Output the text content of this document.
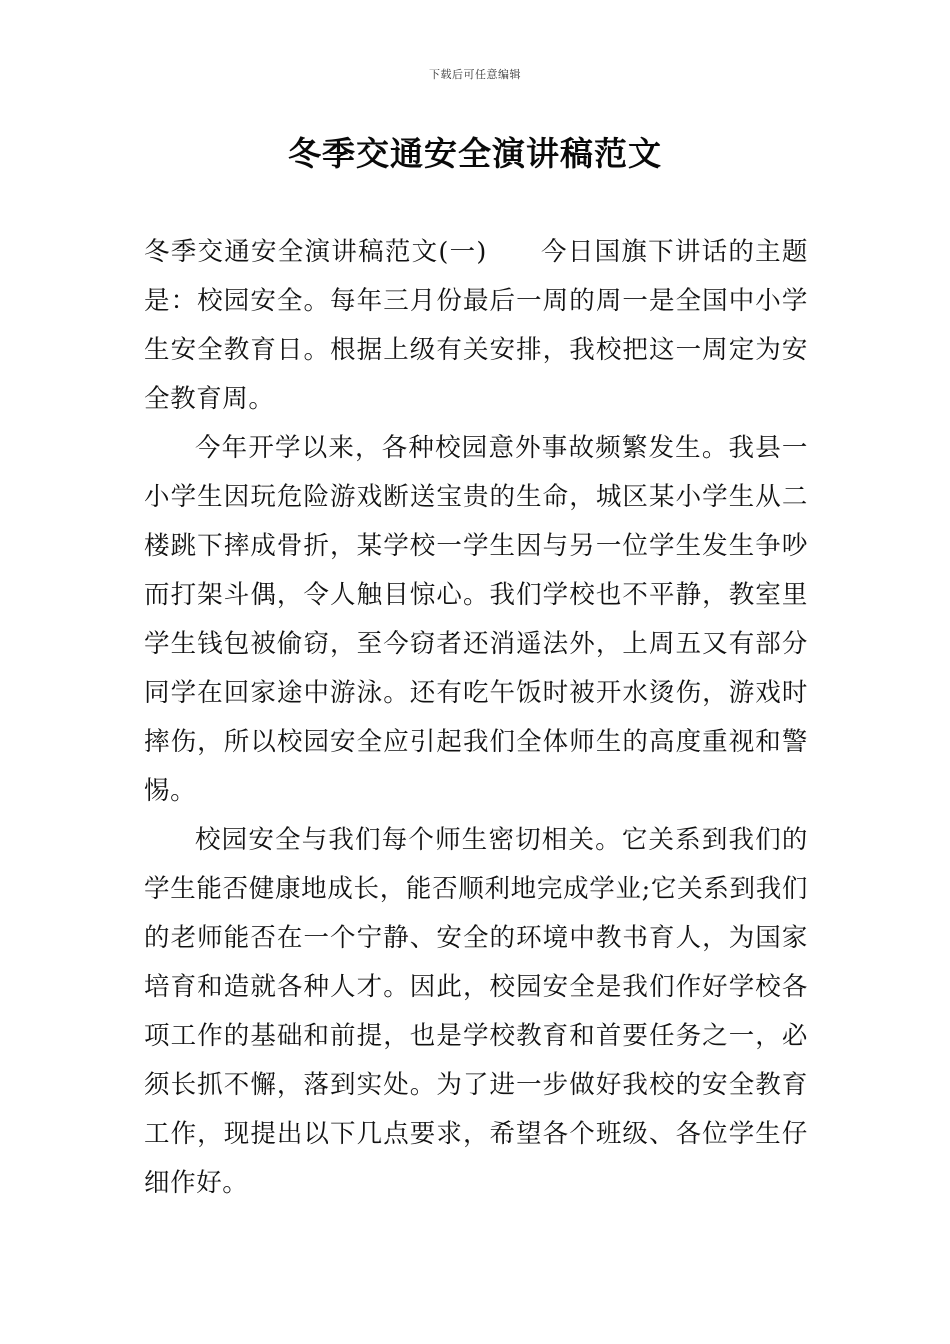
下载后可任意编辑
冬季交通安全演讲稿范文

冬季交通安全演讲稿范文(一)　　今日国旗下讲话的主题是：校园安全。每年三月份最后一周的周一是全国中小学生安全教育日。根据上级有关安排，我校把这一周定为安全教育周。

今年开学以来，各种校园意外事故频繁发生。我县一小学生因玩危险游戏断送宝贵的生命，城区某小学生从二楼跳下摔成骨折，某学校一学生因与另一位学生发生争吵而打架斗偶，令人触目惊心。我们学校也不平静，教室里学生钱包被偷窃，至今窃者还消遥法外，上周五又有部分同学在回家途中游泳。还有吃午饭时被开水烫伤，游戏时摔伤，所以校园安全应引起我们全体师生的高度重视和警惕。

校园安全与我们每个师生密切相关。它关系到我们的学生能否健康地成长，能否顺利地完成学业;它关系到我们的老师能否在一个宁静、安全的环境中教书育人，为国家培育和造就各种人才。因此，校园安全是我们作好学校各项工作的基础和前提，也是学校教育和首要任务之一，必须长抓不懈，落到实处。为了进一步做好我校的安全教育工作，现提出以下几点要求，希望各个班级、各位学生仔细作好。
